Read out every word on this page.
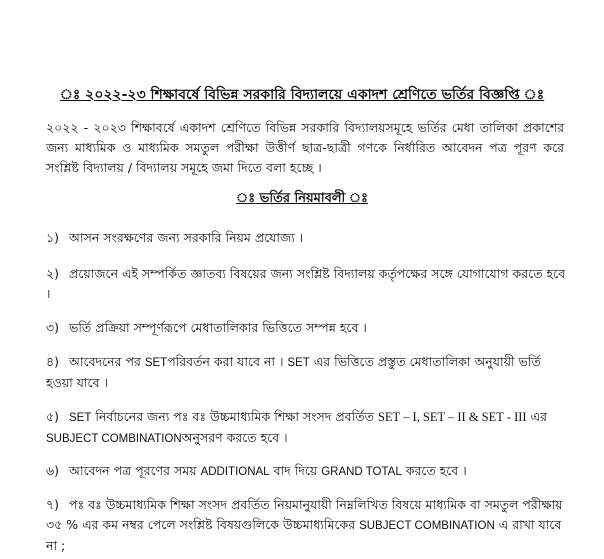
ঃ ২০২২-২৩ শিক্ষাবর্ষে বিভিন্ন সরকারি বিদ্যালয়ে একাদশ শ্রেণিতে ভর্তির বিজ্ঞপ্তি ঃ
২০২২ - ২০২৩ শিক্ষাবর্ষে একাদশ শ্রেণিতে বিভিন্ন সরকারি বিদ্যালয়সমূহে ভর্তির মেধা তালিকা প্রকাশের জন্য মাধ্যমিক ও মাধ্যমিক সমতুল পরীক্ষা উত্তীর্ণ ছাত্র-ছাত্রী গণকে নির্ধারিত আবেদন পত্র পূরণ করে সংশ্লিষ্ট বিদ্যালয় / বিদ্যালয় সমূহে জমা দিতে বলা হচ্ছে ।
ঃ ভর্তির নিয়মাবলী ঃ
১) আসন সংরক্ষণের জন্য সরকারি নিয়ম প্রযোজ্য ।
২) প্রয়োজনে এই সম্পর্কিত জ্ঞাতব্য বিষয়ের জন্য সংশ্লিষ্ট বিদ্যালয় কর্তৃপক্ষের সঙ্গে যোগাযোগ করতে হবে ।
৩) ভর্তি প্রক্রিয়া সম্পূর্ণরূপে মেধাতালিকার ভিত্তিতে সম্পন্ন হবে ।
৪) আবেদনের পর SETপরিবর্তন করা যাবে না । SET এর ভিত্তিতে প্রস্তুত মেধাতালিকা অনুযায়ী ভর্তি হওয়া যাবে ।
৫) SET নির্বাচনের জন্য পঃ বঃ উচ্চমাধ্যমিক শিক্ষা সংসদ প্রবর্তিত SET – I, SET – II & SET - III এর SUBJECT COMBINATIONঅনুসরণ করতে হবে ।
৬) আবেদন পত্র পূরণের সময় ADDITIONAL বাদ দিয়ে GRAND TOTAL করতে হবে ।
৭) পঃ বঃ উচ্চমাধ্যমিক শিক্ষা সংসদ প্রবর্তিত নিয়মানুযায়ী নিম্নলিখিত বিষয়ে মাধ্যমিক বা সমতুল পরীক্ষায় ৩৫ % এর কম নম্বর পেলে সংশ্লিষ্ট বিষয়গুলিকে উচ্চমাধ্যমিকের SUBJECT COMBINATION এ রাখা যাবে না ;
